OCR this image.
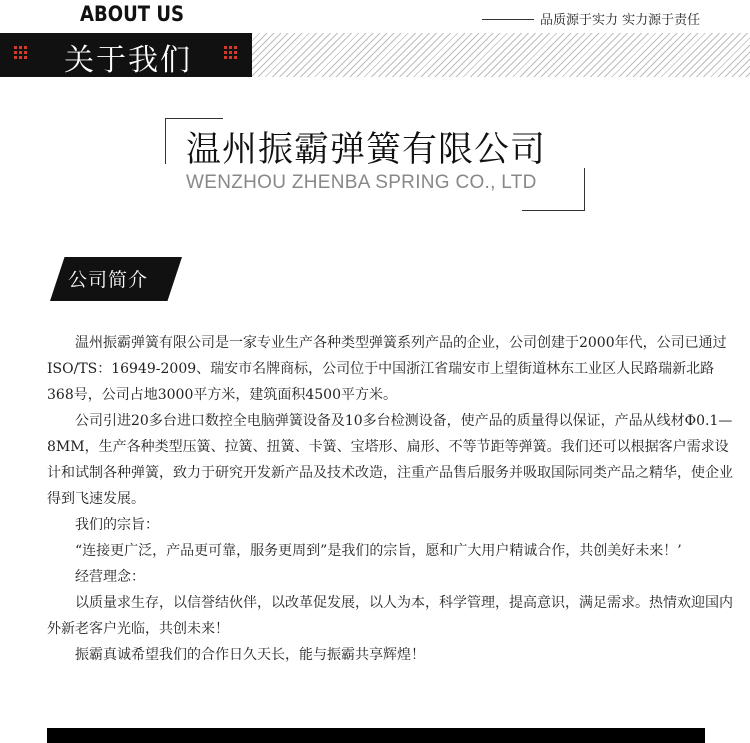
ABOUT US	品质源于实力 实力源于责任
关于我们
温州振霸弹簧有限公司
WENZHOU ZHENBA SPRING CO., LTD
公司简介

　　温州振霸弹簧有限公司是一家专业生产各种类型弹簧系列产品的企业，公司创建于2000年代，公司已通过ISO/TS：16949-2009、瑞安市名牌商标，公司位于中国浙江省瑞安市上望街道林东工业区人民路瑞新北路368号，公司占地3000平方米，建筑面积4500平方米。

　　公司引进20多台进口数控全电脑弹簧设备及10多台检测设备，使产品的质量得以保证，产品从线材Φ0.1—8MM，生产各种类型压簧、拉簧、扭簧、卡簧、宝塔形、扁形、不等节距等弹簧。我们还可以根据客户需求设计和试制各种弹簧，致力于研究开发新产品及技术改造，注重产品售后服务并吸取国际同类产品之精华，使企业得到飞速发展。

　　我们的宗旨：

　　“连接更广泛，产品更可靠，服务更周到”是我们的宗旨，愿和广大用户精诚合作，共创美好未来！’

　　经营理念：

　　以质量求生存，以信誉结伙伴，以改革促发展，以人为本，科学管理，提高意识，满足需求。热情欢迎国内外新老客户光临，共创未来！

　　振霸真诚希望我们的合作日久天长，能与振霸共享辉煌！
